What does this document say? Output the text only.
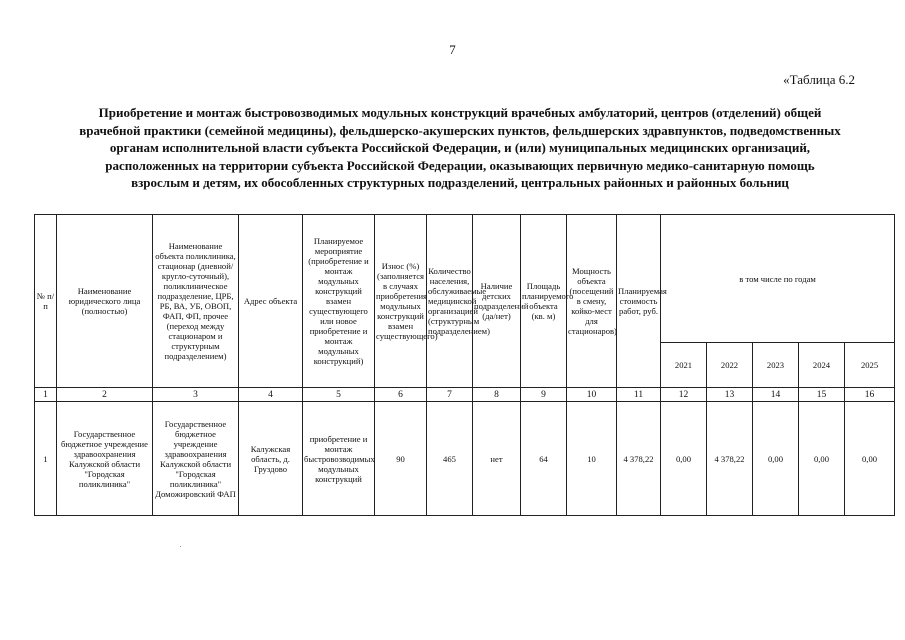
7
«Таблица 6.2
Приобретение и монтаж быстровозводимых модульных конструкций врачебных амбулаторий, центров (отделений) общей врачебной практики (семейной медицины), фельдшерско-акушерских пунктов, фельдшерских здравпунктов, подведомственных органам исполнительной власти субъекта Российской Федерации, и (или) муниципальных медицинских организаций, расположенных на территории субъекта Российской Федерации, оказывающих первичную медико-санитарную помощь взрослым и детям, их обособленных структурных подразделений, центральных районных и районных больниц
№ п/п	Наименование юридического лица (полностью)	Наименование объекта поликлиника, стационар (дневной/кругло-суточный), поликлиническое подразделение, ЦРБ, РБ, ВА, УБ, ОВОП, ФАП, ФП, прочее (переход между стационаром и структурным подразделением)	Адрес объекта	Планируемое мероприятие (приобретение и монтаж модульных конструкций взамен существующего или новое приобретение и монтаж модульных конструкций)	Износ (%) (заполняется в случаях приобретения модульных конструкций взамен существующего)	Количество населения, обслуживаемые медицинской организацией (структурным подразделением)	Наличие детских подразделений (да/нет)	Площадь планируемого объекта (кв. м)	Мощность объекта (посещений в смену, койко-мест для стационаров)	Планируемая стоимость работ, руб.	в том числе по годам				
											2021	2022	2023	2024	2025
1	2	3	4	5	6	7	8	9	10	11	12	13	14	15	16
1	Государственное бюджетное учреждение здравоохранения Калужской области "Городская поликлиника"	Государственное бюджетное учреждение здравоохранения Калужской области "Городская поликлиника" Доможировский ФАП	Калужская область, д. Груздово	приобретение и монтаж быстровозводимых модульных конструкций	90	465	нет	64	10	4 378,22	0,00	4 378,22	0,00	0,00	0,00
